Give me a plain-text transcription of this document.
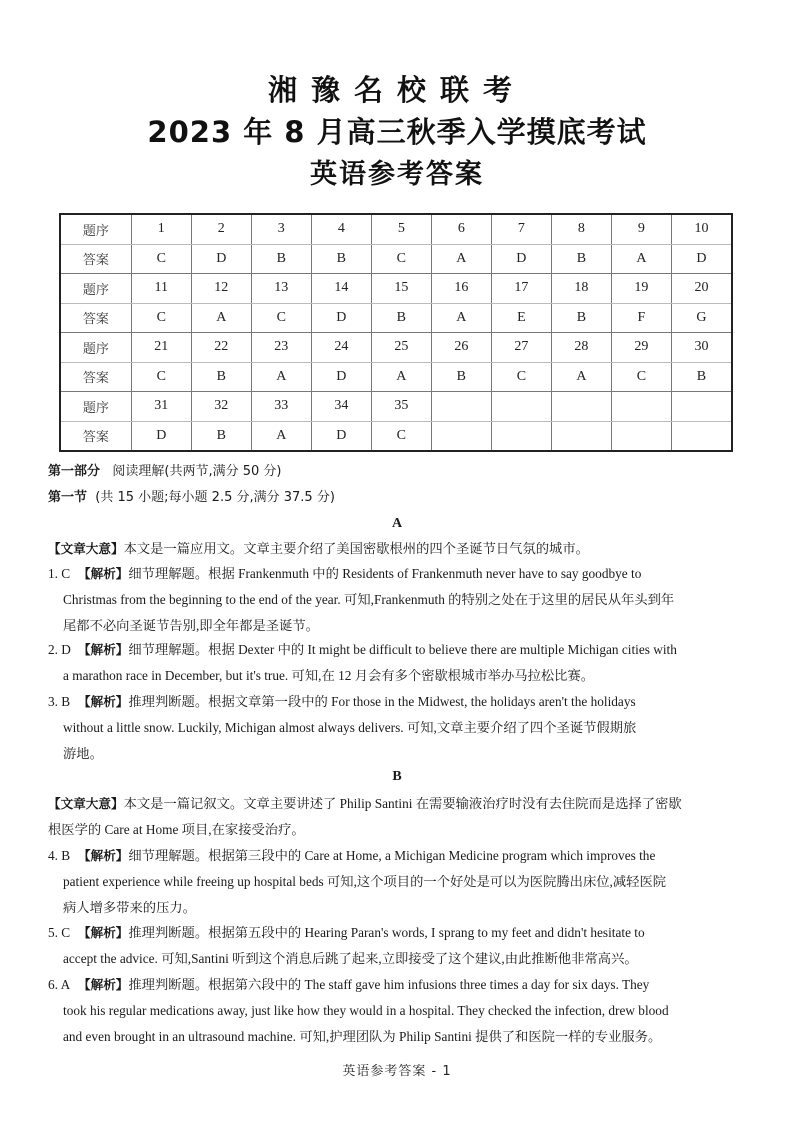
湘豫名校联考
2023 年 8 月高三秋季入学摸底考试
英语参考答案
题序	1	2	3	4	5	6	7	8	9	10
答案	C	D	B	B	C	A	D	B	A	D
题序	11	12	13	14	15	16	17	18	19	20
答案	C	A	C	D	B	A	E	B	F	G
题序	21	22	23	24	25	26	27	28	29	30
答案	C	B	A	D	A	B	C	A	C	B
题序	31	32	33	34	35					
答案	D	B	A	D	C					
第一部分 阅读理解(共两节,满分 50 分)
第一节 (共 15 小题;每小题 2.5 分,满分 37.5 分)
A
【文章大意】本文是一篇应用文。文章主要介绍了美国密歇根州的四个圣诞节日气氛的城市。
1. C 【解析】细节理解题。根据 Frankenmuth 中的 Residents of Frankenmuth never have to say goodbye to
Christmas from the beginning to the end of the year. 可知,Frankenmuth 的特别之处在于这里的居民从年头到年
尾都不必向圣诞节告别,即全年都是圣诞节。
2. D 【解析】细节理解题。根据 Dexter 中的 It might be difficult to believe there are multiple Michigan cities with
a marathon race in December, but it's true. 可知,在 12 月会有多个密歇根城市举办马拉松比赛。
3. B 【解析】推理判断题。根据文章第一段中的 For those in the Midwest, the holidays aren't the holidays
without a little snow. Luckily, Michigan almost always delivers. 可知,文章主要介绍了四个圣诞节假期旅
游地。
B
【文章大意】本文是一篇记叙文。文章主要讲述了 Philip Santini 在需要输液治疗时没有去住院而是选择了密歇
根医学的 Care at Home 项目,在家接受治疗。
4. B 【解析】细节理解题。根据第三段中的 Care at Home, a Michigan Medicine program which improves the
patient experience while freeing up hospital beds 可知,这个项目的一个好处是可以为医院腾出床位,减轻医院
病人增多带来的压力。
5. C 【解析】推理判断题。根据第五段中的 Hearing Paran's words, I sprang to my feet and didn't hesitate to
accept the advice. 可知,Santini 听到这个消息后跳了起来,立即接受了这个建议,由此推断他非常高兴。
6. A 【解析】推理判断题。根据第六段中的 The staff gave him infusions three times a day for six days. They
took his regular medications away, just like how they would in a hospital. They checked the infection, drew blood
and even brought in an ultrasound machine. 可知,护理团队为 Philip Santini 提供了和医院一样的专业服务。
英语参考答案 - 1
